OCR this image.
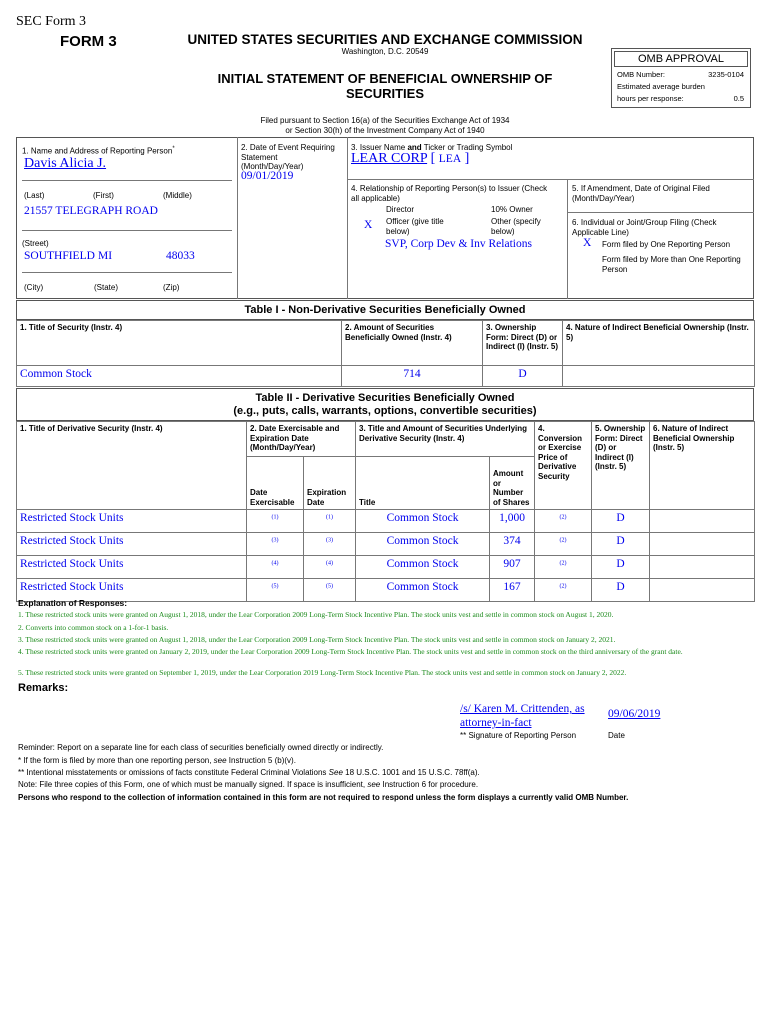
SEC Form 3
FORM 3	UNITED STATES SECURITIES AND EXCHANGE COMMISSION
Washington, D.C. 20549
INITIAL STATEMENT OF BENEFICIAL OWNERSHIP OF SECURITIES
Filed pursuant to Section 16(a) of the Securities Exchange Act of 1934
or Section 30(h) of the Investment Company Act of 1940
OMB APPROVAL
OMB Number:	3235-0104
Estimated average burden
hours per response:	0.5
1. Name and Address of Reporting Person*
Davis Alicia J.
(Last)	(First)	(Middle)
21557 TELEGRAPH ROAD
(Street)
SOUTHFIELD MI	48033
(City)	(State)	(Zip)
2. Date of Event Requiring Statement (Month/Day/Year)
09/01/2019
3. Issuer Name and Ticker or Trading Symbol
LEAR CORP [ LEA ]
4. Relationship of Reporting Person(s) to Issuer (Check all applicable)
Director	10% Owner
X Officer (give title below)
Other (specify below)
SVP, Corp Dev & Inv Relations
5. If Amendment, Date of Original Filed (Month/Day/Year)
6. Individual or Joint/Group Filing (Check Applicable Line)
X Form filed by One Reporting Person
Form filed by More than One Reporting Person
Table I - Non-Derivative Securities Beneficially Owned
1. Title of Security (Instr. 4)	2. Amount of Securities Beneficially Owned (Instr. 4)	3. Ownership Form: Direct (D) or Indirect (I) (Instr. 5)	4. Nature of Indirect Beneficial Ownership (Instr. 5)
Common Stock	714	D	
Table II - Derivative Securities Beneficially Owned
(e.g., puts, calls, warrants, options, convertible securities)
1. Title of Derivative Security (Instr. 4)	2. Date Exercisable and Expiration Date (Month/Day/Year)		3. Title and Amount of Securities Underlying Derivative Security (Instr. 4)		4. Conversion or Exercise Price of Derivative Security	5. Ownership Form: Direct (D) or Indirect (I) (Instr. 5)	6. Nature of Indirect Beneficial Ownership (Instr. 5)
	Date Exercisable	Expiration Date	Title	Amount or Number of Shares			
Restricted Stock Units	$^{(1)}$	$^{(1)}$	Common Stock	1,000	$^{(2)}$	D	
Restricted Stock Units	$^{(3)}$	$^{(3)}$	Common Stock	374	$^{(2)}$	D	
Restricted Stock Units	$^{(4)}$	$^{(4)}$	Common Stock	907	$^{(2)}$	D	
Restricted Stock Units	$^{(5)}$	$^{(5)}$	Common Stock	167	$^{(2)}$	D	
Explanation of Responses:
1. These restricted stock units were granted on August 1, 2018, under the Lear Corporation 2009 Long-Term Stock Incentive Plan. The stock units vest and settle in common stock on August 1, 2020.
2. Converts into common stock on a 1-for-1 basis.
3. These restricted stock units were granted on August 1, 2018, under the Lear Corporation 2009 Long-Term Stock Incentive Plan. The stock units vest and settle in common stock on January 2, 2021.
4. These restricted stock units were granted on January 2, 2019, under the Lear Corporation 2009 Long-Term Stock Incentive Plan. The stock units vest and settle in common stock on the third anniversary of the grant date.
5. These restricted stock units were granted on September 1, 2019, under the Lear Corporation 2019 Long-Term Stock Incentive Plan. The stock units vest and settle in common stock on January 2, 2022.
Remarks:
/s/ Karen M. Crittenden, as attorney-in-fact
09/06/2019
** Signature of Reporting Person	Date
Reminder: Report on a separate line for each class of securities beneficially owned directly or indirectly.
* If the form is filed by more than one reporting person, see Instruction 5 (b)(v).
** Intentional misstatements or omissions of facts constitute Federal Criminal Violations See 18 U.S.C. 1001 and 15 U.S.C. 78ff(a).
Note: File three copies of this Form, one of which must be manually signed. If space is insufficient, see Instruction 6 for procedure.
Persons who respond to the collection of information contained in this form are not required to respond unless the form displays a currently valid OMB Number.
